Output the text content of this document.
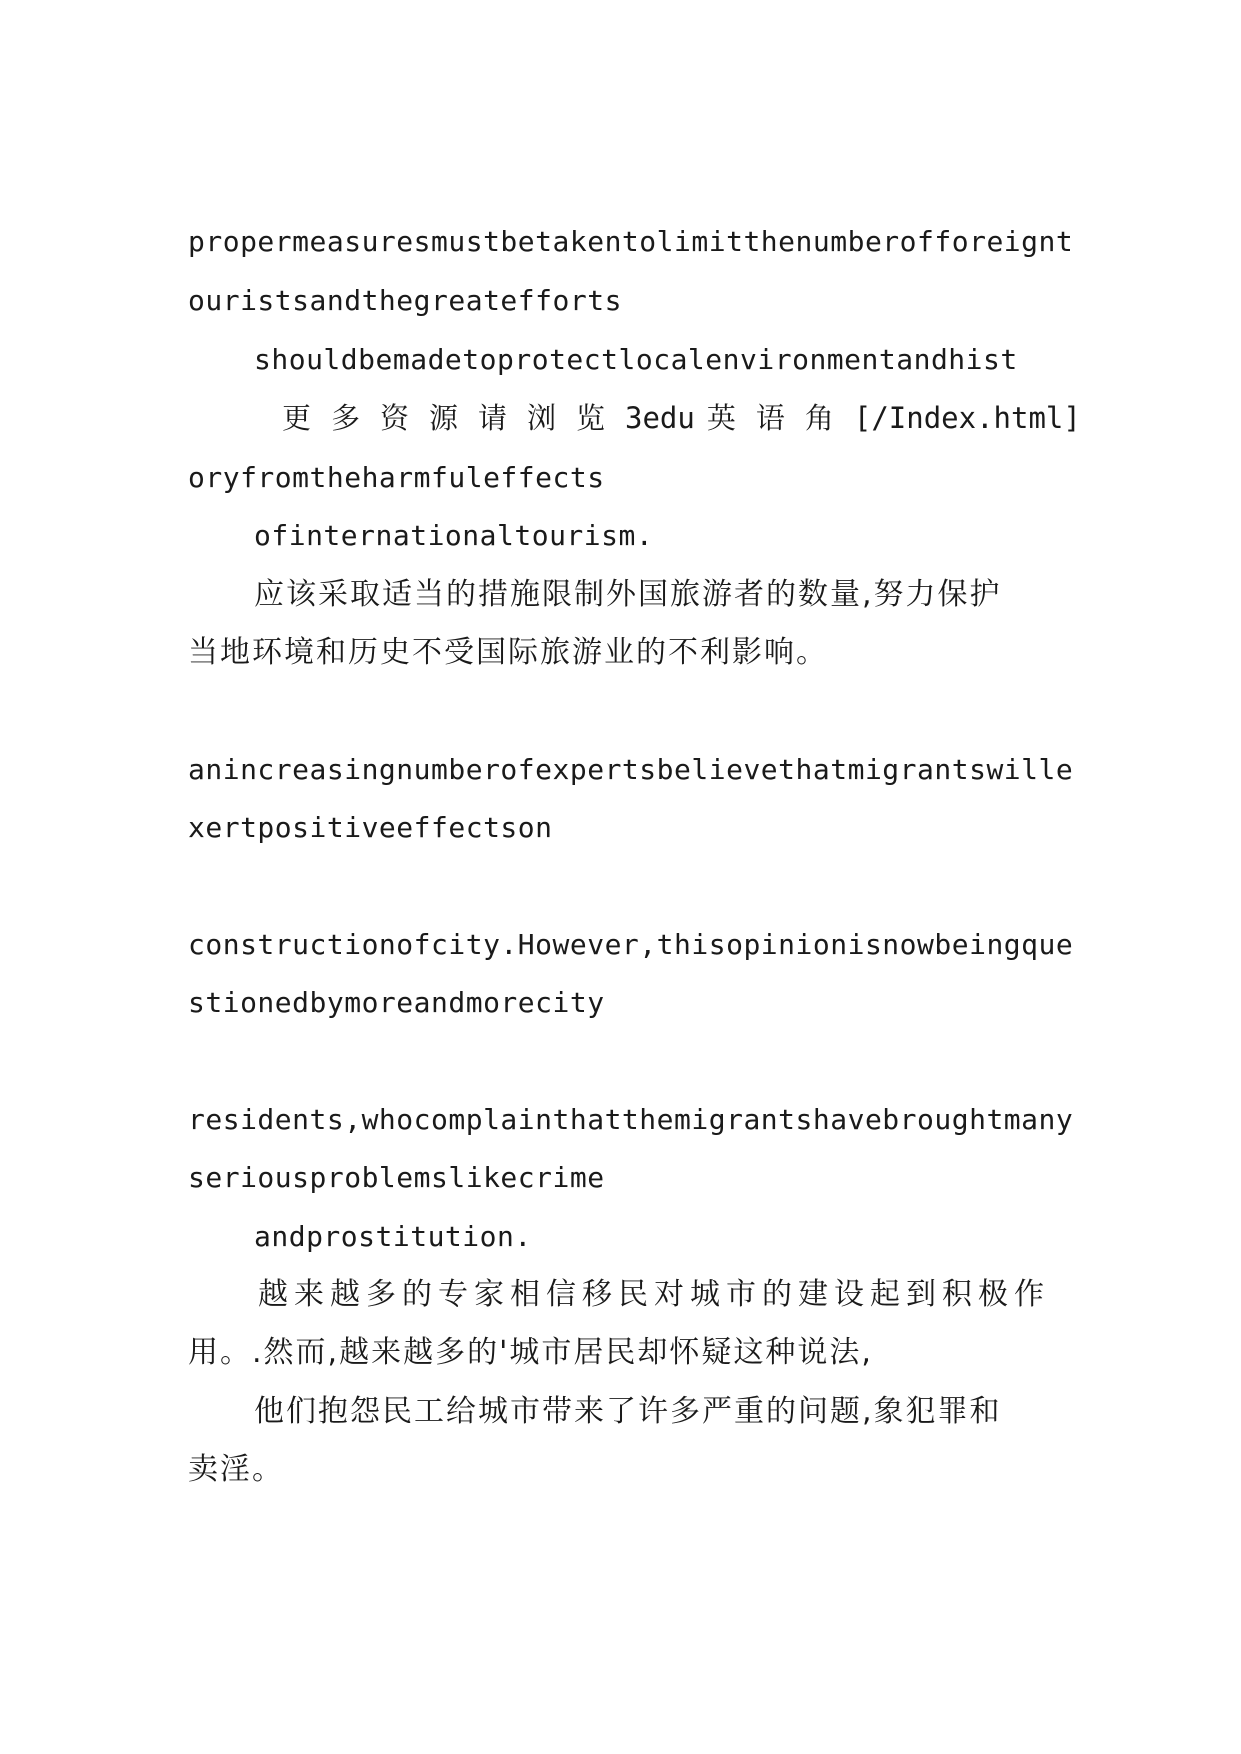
propermeasuresmustbetakentolimitthenumberofforeignt

ouristsandthegreatefforts

shouldbemadetoprotectlocalenvironmentandhist

更多资源请浏览3edu 英语角[/Index.html]

oryfromtheharmfuleffects

ofinternationaltourism.

应该采取适当的措施限制外国旅游者的数量,努力保护

当地环境和历史不受国际旅游业的不利影响。

anincreasingnumberofexpertsbelievethatmigrantswille

xertpositiveeffectson

constructionofcity.However,thisopinionisnowbeingque

stionedbymoreandmorecity

residents,whocomplainthatthemigrantshavebroughtmany

seriousproblemslikecrime

andprostitution.

越来越多的专家相信移民对城市的建设起到积极作

用。.然而,越来越多的'城市居民却怀疑这种说法,

他们抱怨民工给城市带来了许多严重的问题,象犯罪和

卖淫。
